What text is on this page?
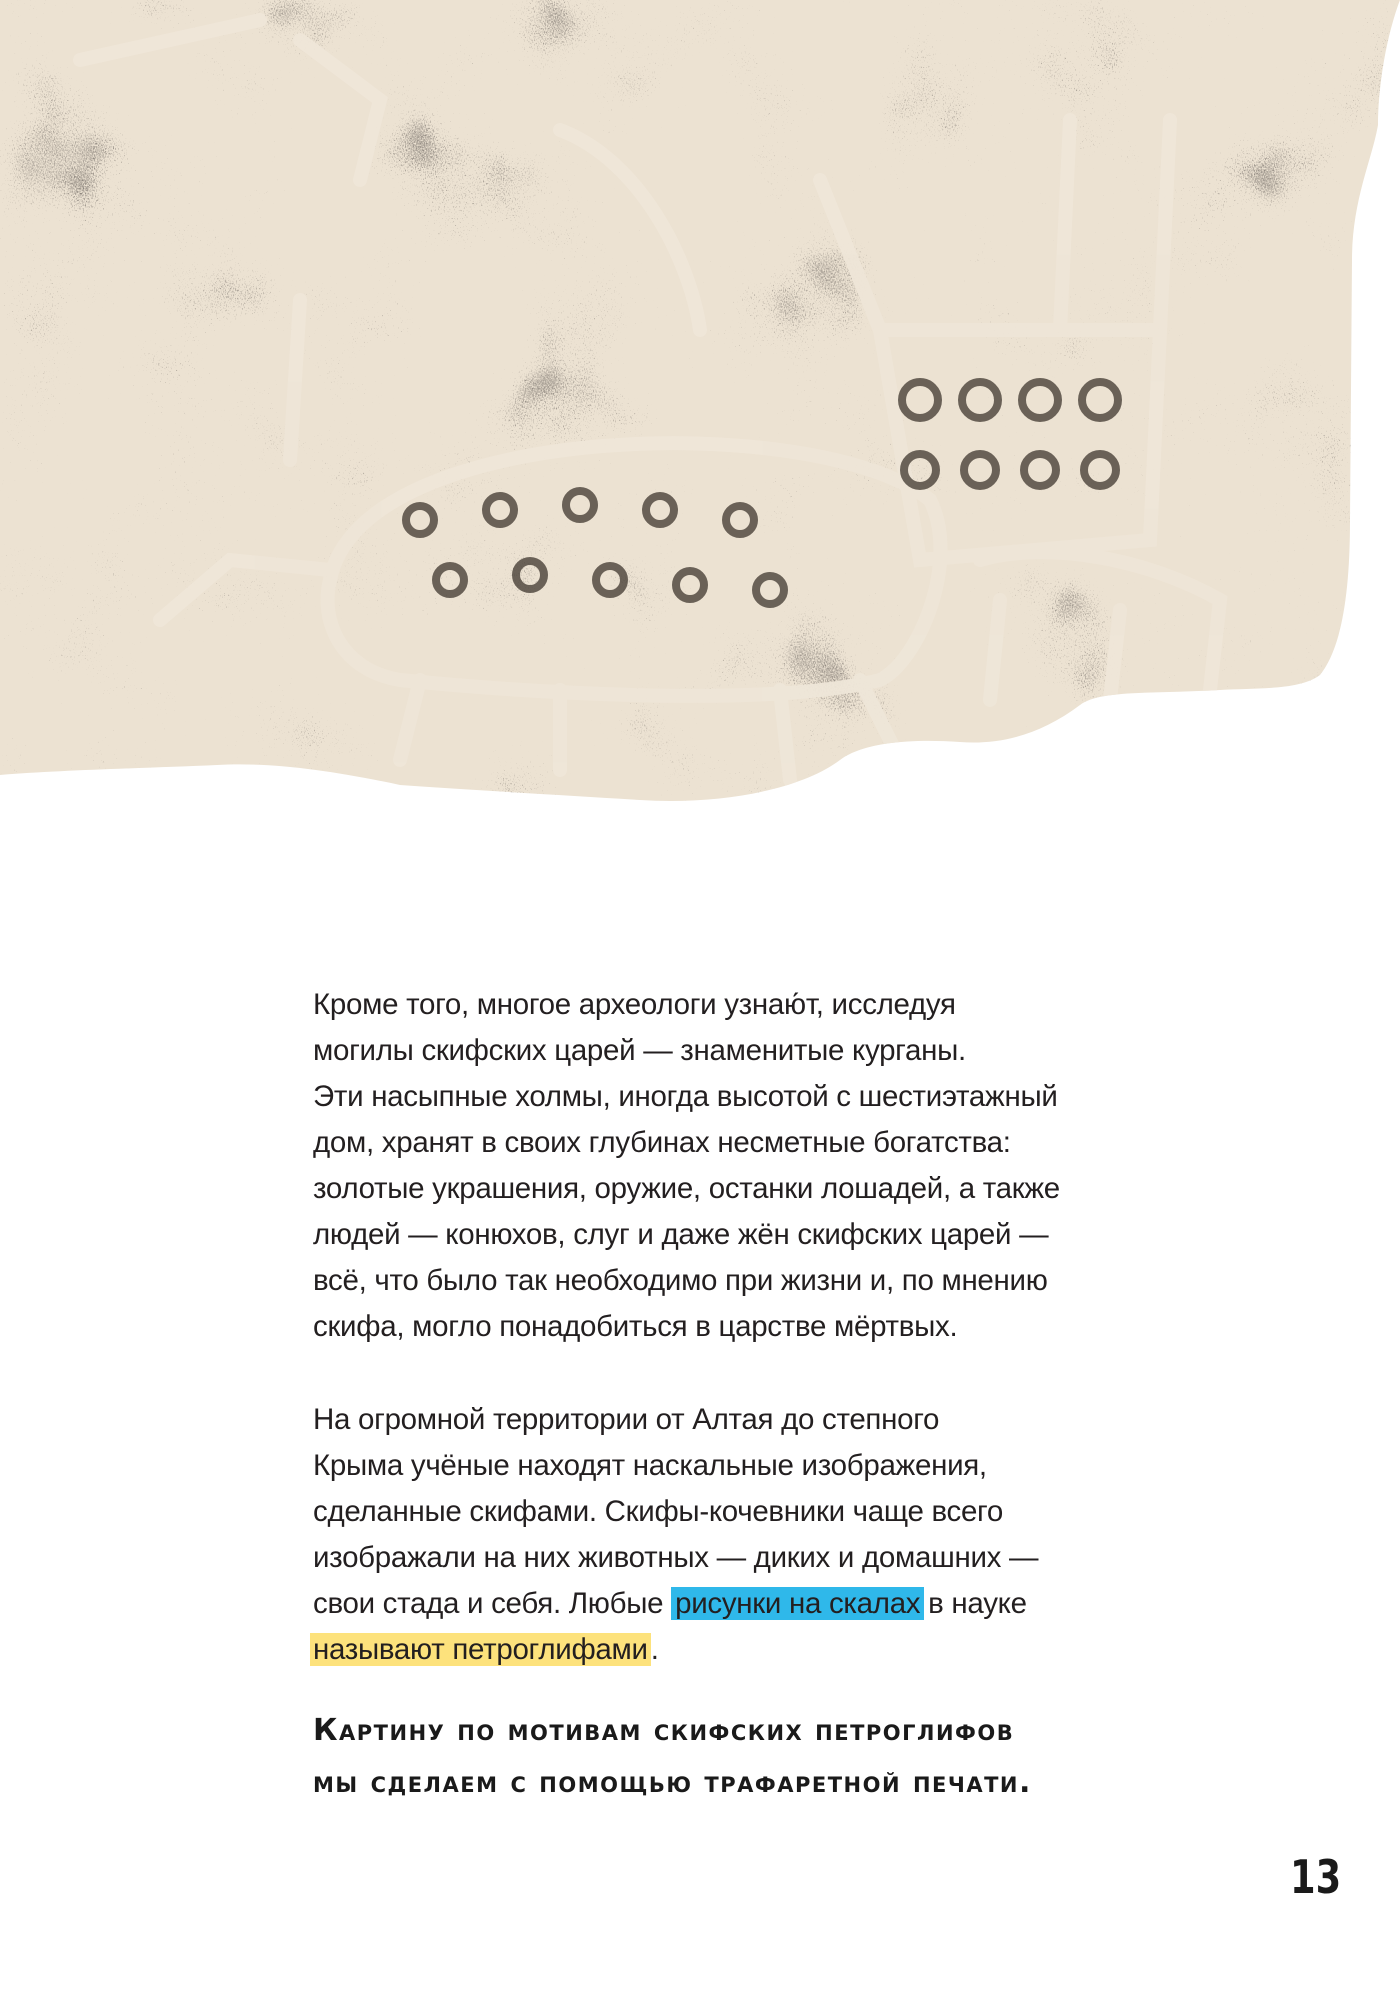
Кроме того, многое археологи узнаю́т, исследуя

могилы скифских царей — знаменитые курганы.

Эти насыпные холмы, иногда высотой с шестиэтажный

дом, хранят в своих глубинах несметные богатства:

золотые украшения, оружие, останки лошадей, а также

людей — конюхов, слуг и даже жён скифских царей —

всё, что было так необходимо при жизни и, по мнению

скифа, могло понадобиться в царстве мёртвых.

На огромной территории от Алтая до степного

Крыма учёные находят наскальные изображения,

сделанные скифами. Скифы-кочевники чаще всего

изображали на них животных — диких и домашних —

свои стада и себя. Любые рисунки на скалах в науке

называют петроглифами .

Картину по мотивам скифских петроглифов
мы сделаем с помощью трафаретной печати.
13
